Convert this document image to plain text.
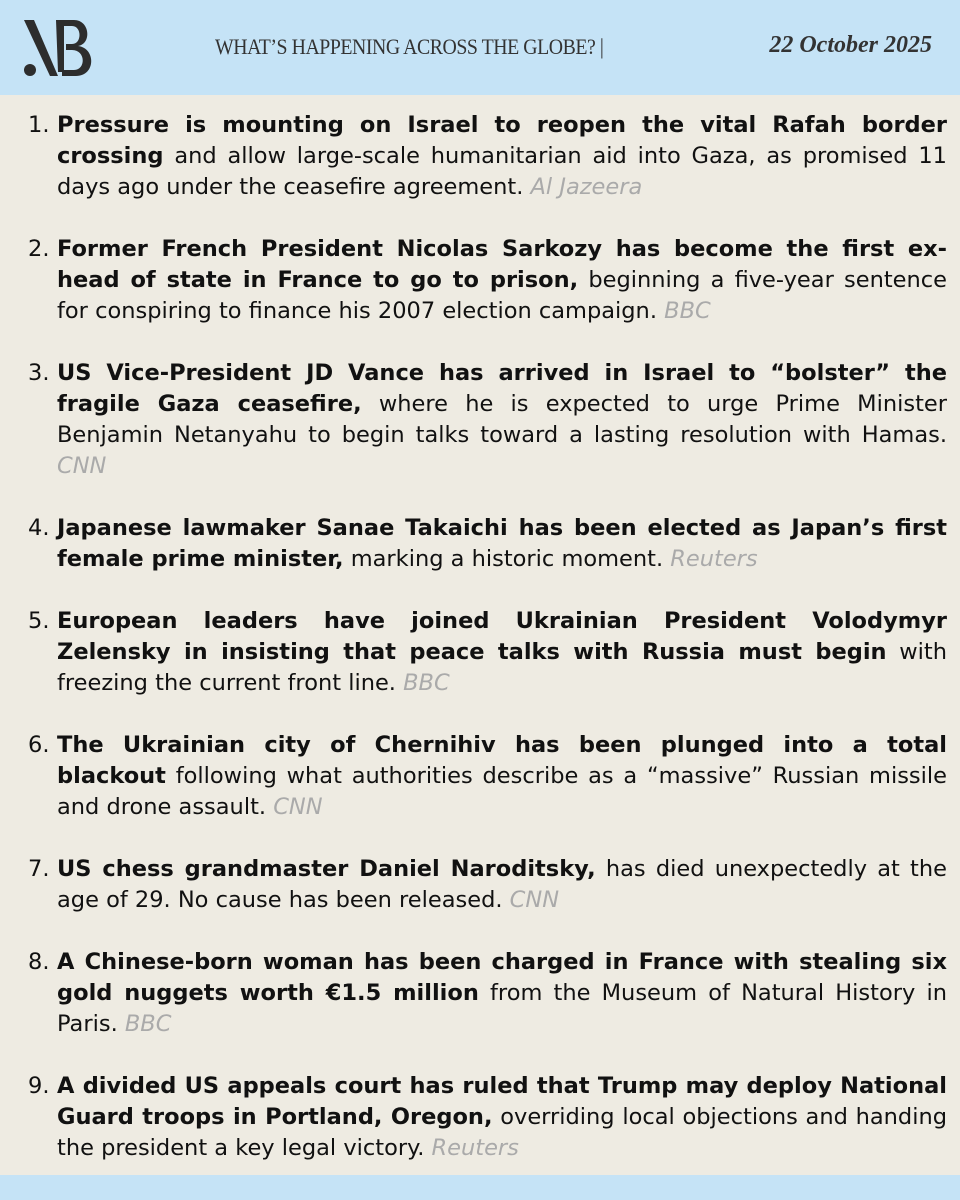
WHAT’S HAPPENING ACROSS THE GLOBE? |	22 October 2025
1. Pressure is mounting on Israel to reopen the vital Rafah border crossing and allow large-scale humanitarian aid into Gaza, as promised 11 days ago under the ceasefire agreement. Al Jazeera
2. Former French President Nicolas Sarkozy has become the first ex-head of state in France to go to prison, beginning a five-year sentence for conspiring to finance his 2007 election campaign. BBC
3. US Vice-President JD Vance has arrived in Israel to “bolster” the fragile Gaza ceasefire, where he is expected to urge Prime Minister Benjamin Netanyahu to begin talks toward a lasting resolution with Hamas. CNN
4. Japanese lawmaker Sanae Takaichi has been elected as Japan’s first female prime minister, marking a historic moment. Reuters
5. European leaders have joined Ukrainian President Volodymyr Zelensky in insisting that peace talks with Russia must begin with freezing the current front line. BBC
6. The Ukrainian city of Chernihiv has been plunged into a total blackout following what authorities describe as a “massive” Russian missile and drone assault. CNN
7. US chess grandmaster Daniel Naroditsky, has died unexpectedly at the age of 29. No cause has been released. CNN
8. A Chinese-born woman has been charged in France with stealing six gold nuggets worth €1.5 million from the Museum of Natural History in Paris. BBC
9. A divided US appeals court has ruled that Trump may deploy National Guard troops in Portland, Oregon, overriding local objections and handing the president a key legal victory. Reuters
